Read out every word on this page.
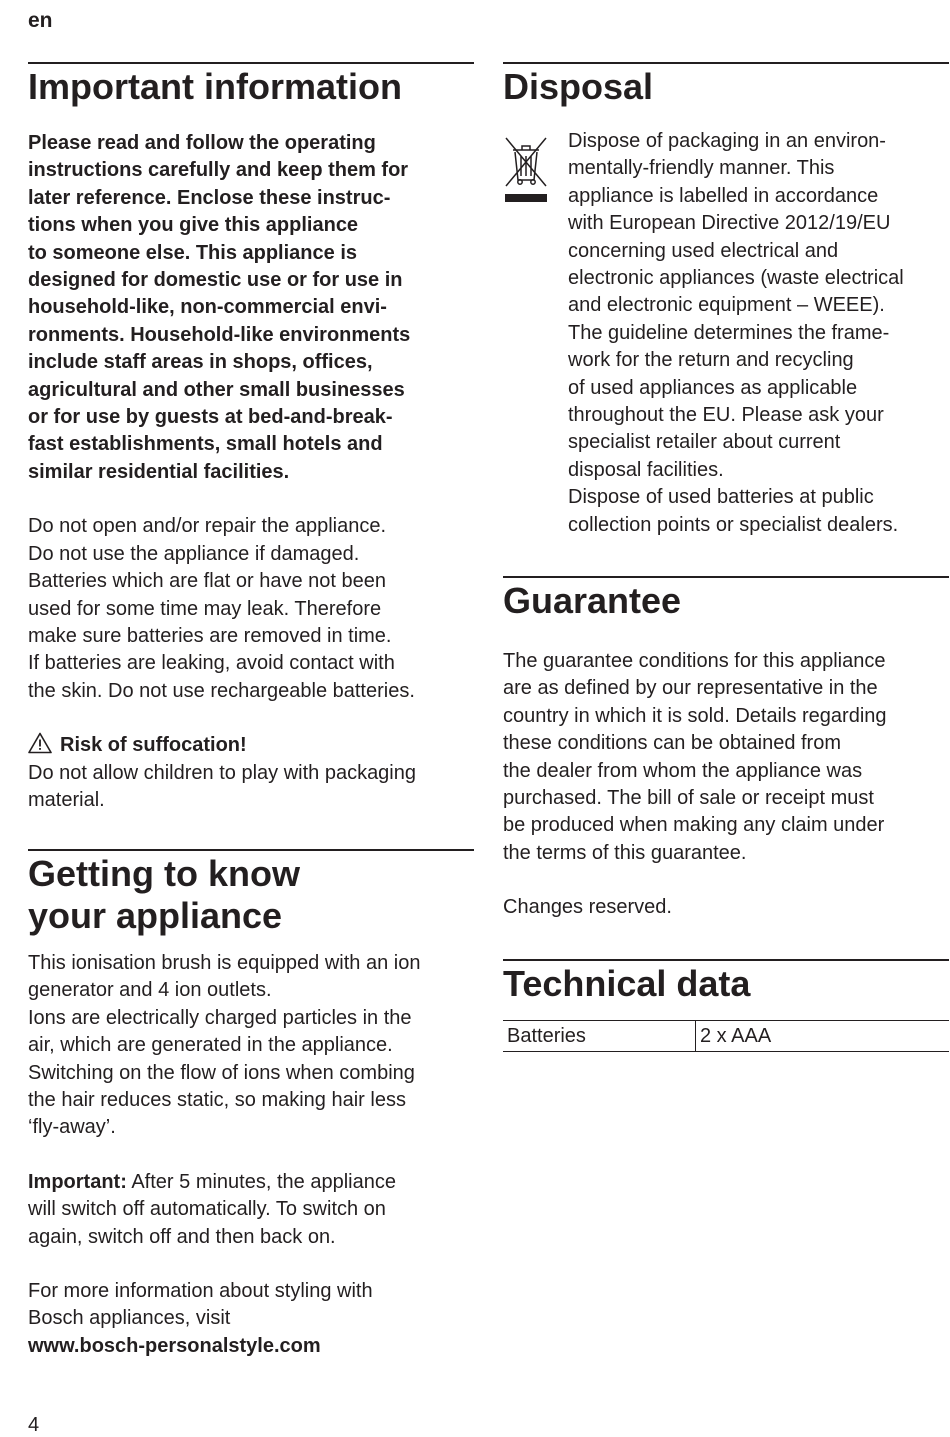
en
Important information
Please read and follow the operating
instructions carefully and keep them for
later reference. Enclose these instruc-
tions when you give this appliance
to someone else. This appliance is
designed for domestic use or for use in
household-like, non-commercial envi-
ronments. Household-like environments
include staff areas in shops, offices,
agricultural and other small businesses
or for use by guests at bed-and-break-
fast establishments, small hotels and
similar residential facilities.
Do not open and/or repair the appliance.
Do not use the appliance if damaged.
Batteries which are flat or have not been
used for some time may leak. Therefore
make sure batteries are removed in time.
If batteries are leaking, avoid contact with
the skin. Do not use rechargeable batteries.
Risk of suffocation!
Do not allow children to play with packaging
material.
Getting to know
your appliance
This ionisation brush is equipped with an ion
generator and 4 ion outlets.
Ions are electrically charged particles in the
air, which are generated in the appliance.
Switching on the flow of ions when combing
the hair reduces static, so making hair less
‘fly-away’.
Important: After 5 minutes, the appliance
will switch off automatically. To switch on
again, switch off and then back on.
For more information about styling with
Bosch appliances, visit
www.bosch-personalstyle.com
Disposal
Dispose of packaging in an environ-
mentally-friendly manner. This
appliance is labelled in accordance
with European Directive 2012/19/EU
concerning used electrical and
electronic appliances (waste electrical
and electronic equipment – WEEE).
The guideline determines the frame-
work for the return and recycling
of used appliances as applicable
throughout the EU. Please ask your
specialist retailer about current
disposal facilities.
Dispose of used batteries at public
collection points or specialist dealers.
Guarantee
The guarantee conditions for this appliance
are as defined by our representative in the
country in which it is sold. Details regarding
these conditions can be obtained from
the dealer from whom the appliance was
purchased. The bill of sale or receipt must
be produced when making any claim under
the terms of this guarantee.
Changes reserved.
Technical data
Batteries	2 x AAA
4
